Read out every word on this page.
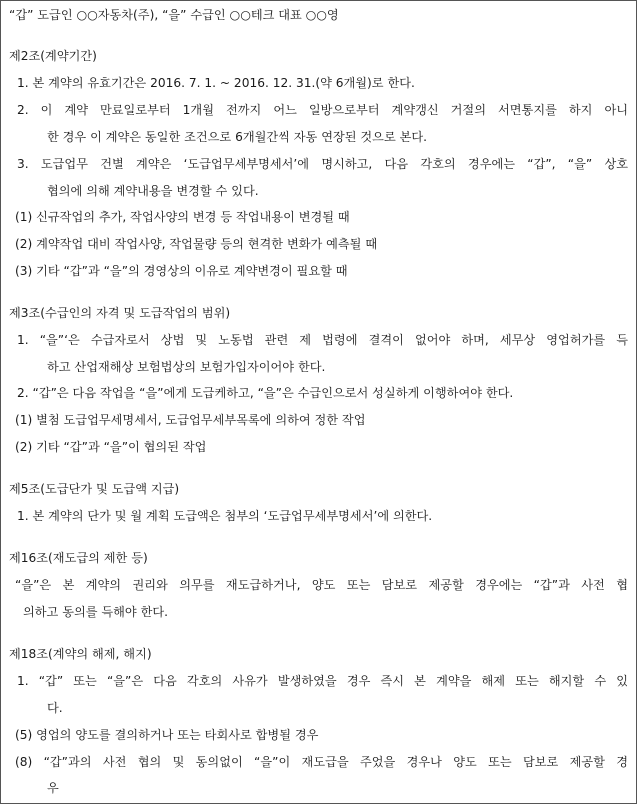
“갑” 도급인 ○○자동차(주), “을” 수급인 ○○테크 대표 ○○영
제2조(계약기간)
1. 본 계약의 유효기간은 2016. 7. 1. ~ 2016. 12. 31.(약 6개월)로 한다.
2. 이 계약 만료일로부터 1개월 전까지 어느 일방으로부터 계약갱신 거절의 서면통지를 하지 아니
한 경우 이 계약은 동일한 조건으로 6개월간씩 자동 연장된 것으로 본다.
3. 도급업무 건별 계약은 ‘도급업무세부명세서’에 명시하고, 다음 각호의 경우에는 “갑”, “을” 상호
협의에 의해 계약내용을 변경할 수 있다.
(1) 신규작업의 추가, 작업사양의 변경 등 작업내용이 변경될 때
(2) 계약작업 대비 작업사양, 작업물량 등의 현격한 변화가 예측될 때
(3) 기타 “갑”과 “을”의 경영상의 이유로 계약변경이 필요할 때
제3조(수급인의 자격 및 도급작업의 범위)
1. “을”‘은 수급자로서 상법 및 노동법 관련 제 법령에 결격이 없어야 하며, 세무상 영업허가를 득
하고 산업재해상 보험법상의 보험가입자이어야 한다.
2. “갑”은 다음 작업을 “을”에게 도급케하고, “을”은 수급인으로서 성실하게 이행하여야 한다.
(1) 별첨 도급업무세명세서, 도급업무세부목록에 의하여 정한 작업
(2) 기타 “갑”과 “을”이 협의된 작업
제5조(도급단가 및 도급액 지급)
1. 본 계약의 단가 및 월 계획 도급액은 첨부의 ‘도급업무세부명세서’에 의한다.
제16조(재도급의 제한 등)
“을”은 본 계약의 권리와 의무를 재도급하거나, 양도 또는 담보로 제공할 경우에는 “갑”과 사전 협
의하고 동의를 득해야 한다.
제18조(계약의 해제, 해지)
1. “갑” 또는 “을”은 다음 각호의 사유가 발생하였을 경우 즉시 본 계약을 해제 또는 해지할 수 있
다.
(5) 영업의 양도를 결의하거나 또는 타회사로 합병될 경우
(8) “갑”과의 사전 협의 및 동의없이 “을”이 재도급을 주었을 경우나 양도 또는 담보로 제공할 경
우
